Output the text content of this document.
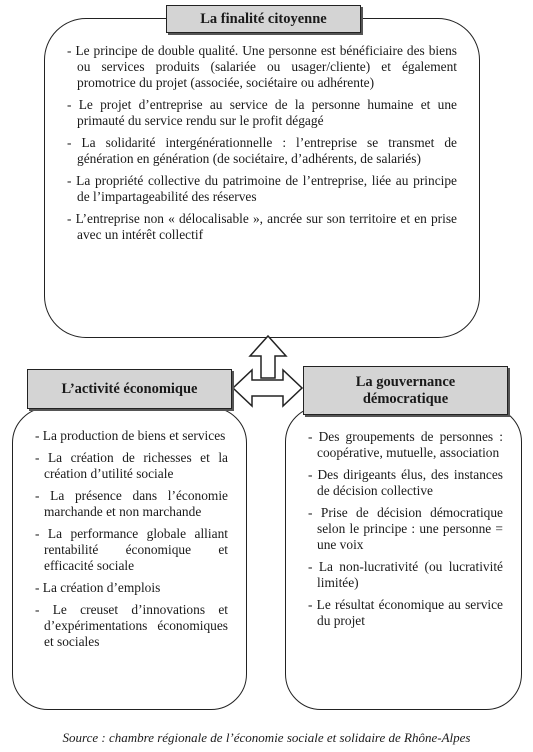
La finalité citoyenne
- Le principe de double qualité. Une personne est bénéficiaire des biens ou services produits (salariée ou usager/cliente) et également promotrice du projet (associée, sociétaire ou adhérente)
- Le projet d’entreprise au service de la personne humaine et une primauté du service rendu sur le profit dégagé
- La solidarité intergénérationnelle : l’entreprise se transmet de génération en génération (de sociétaire, d’adhérents, de salariés)
- La propriété collective du patrimoine de l’entreprise, liée au principe de l’impartageabilité des réserves
- L’entreprise non « délocalisable », ancrée sur son territoire et en prise avec un intérêt collectif
L’activité économique
- La production de biens et services
- La création de richesses et la création d’utilité sociale
- La présence dans l’économie marchande et non marchande
- La performance globale alliant rentabilité économique et efficacité sociale
- La création d’emplois
- Le creuset d’innovations et d’expérimentations économiques et sociales
La gouvernance démocratique
- Des groupements de personnes : coopérative, mutuelle, association
- Des dirigeants élus, des instances de décision collective
- Prise de décision démocratique selon le principe : une personne = une voix
- La non-lucrativité (ou lucrativité limitée)
- Le résultat économique au service du projet
Source : chambre régionale de l’économie sociale et solidaire de Rhône-Alpes
